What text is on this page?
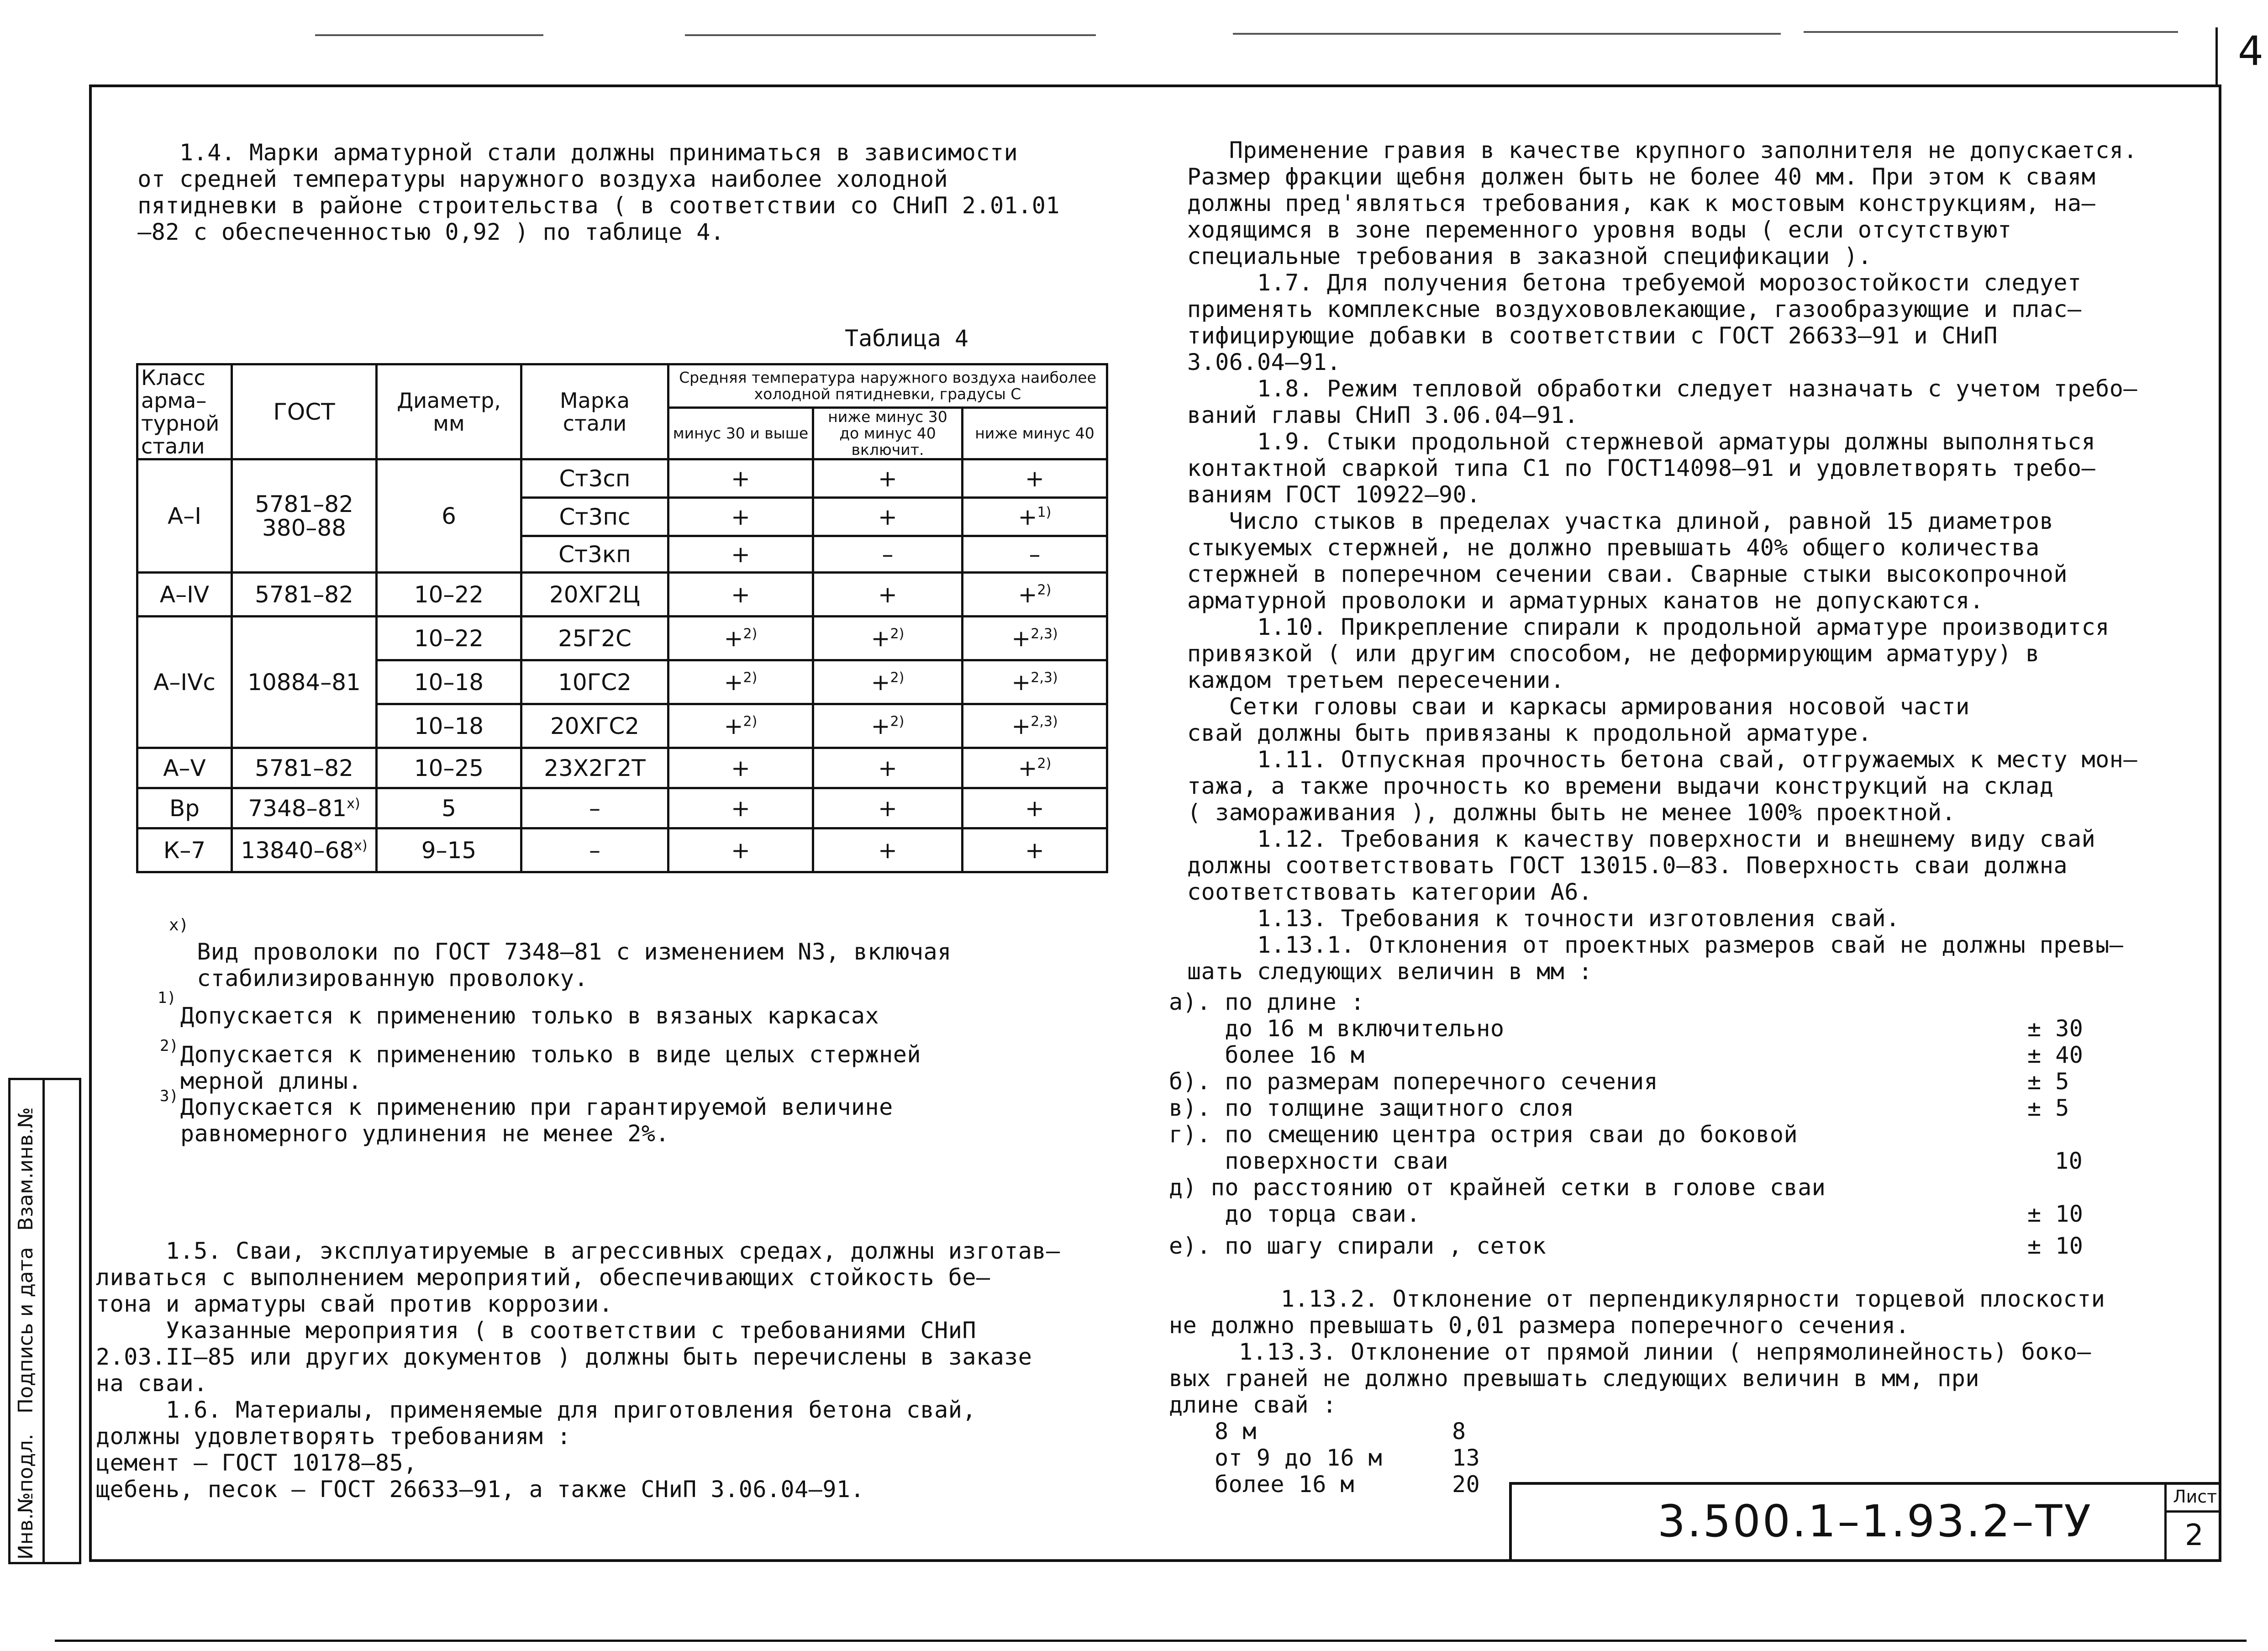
4
Инв.№подл.
Подпись и дата
Взам.инв.№
1.4. Марки арматурной стали должны приниматься в зависимости
от средней температуры наружного воздуха наиболее холодной
пятидневки в районе строительства ( в соответствии со СНиП 2.01.01
–82 с обеспеченностью 0,92 ) по таблице 4.
Таблица 4
Класс арма– турной стали	ГОСТ	Диаметр, мм	Марка стали	Средняя температура наружного воздуха наиболее холодной пятидневки, градусы С		
				минус 30 и выше	ниже минус 30 до минус 40 включит.	ниже минус 40
А–I	5781–82 380–88	6	Ст3сп	+	+	+
			Ст3пс	+	+	+$^{1)}$
			Ст3кп	+	–	–
А–IV	5781–82	10–22	20ХГ2Ц	+	+	+$^{2)}$
А–IVс	10884–81	10–22	25Г2С	+$^{2)}$	+$^{2)}$	+$^{2,3)}$
		10–18	10ГС2	+$^{2)}$	+$^{2)}$	+$^{2,3)}$
		10–18	20ХГС2	+$^{2)}$	+$^{2)}$	+$^{2,3)}$
А–V	5781–82	10–25	23Х2Г2Т	+	+	+$^{2)}$
Вр	7348–81$^{x)}$	5	–	+	+	+
К–7	13840–68$^{x)}$	9–15	–	+	+	+
x)
Вид проволоки по ГОСТ 7348–81 с изменением N3, включая
стабилизированную проволоку.
1)
Допускается к применению только в вязаных каркасах
2) Допускается к применению только в виде целых стержней
мерной длины.
3) Допускается к применению при гарантируемой величине
равномерного удлинения не менее 2%.
1.5. Сваи, эксплуатируемые в агрессивных средах, должны изготав–
ливаться с выполнением мероприятий, обеспечивающих стойкость бе–
тона и арматуры свай против коррозии.
Указанные мероприятия ( в соответствии с требованиями СНиП
2.03.II–85 или других документов ) должны быть перечислены в заказе
на сваи.
1.6. Материалы, применяемые для приготовления бетона свай,
должны удовлетворять требованиям :
цемент – ГОСТ 10178–85,
щебень, песок – ГОСТ 26633–91, а также СНиП 3.06.04–91.
Применение гравия в качестве крупного заполнителя не допускается.
Размер фракции щебня должен быть не более 40 мм. При этом к сваям
должны пред'являться требования, как к мостовым конструкциям, на–
ходящимся в зоне переменного уровня воды ( если отсутствуют
специальные требования в заказной спецификации ).
1.7. Для получения бетона требуемой морозостойкости следует
применять комплексные воздухововлекающие, газообразующие и плас–
тифицирующие добавки в соответствии с ГОСТ 26633–91 и СНиП
3.06.04–91.
1.8. Режим тепловой обработки следует назначать с учетом требо–
ваний главы СНиП 3.06.04–91.
1.9. Стыки продольной стержневой арматуры должны выполняться
контактной сваркой типа С1 по ГОСТ14098–91 и удовлетворять требо–
ваниям ГОСТ 10922–90.
Число стыков в пределах участка длиной, равной 15 диаметров
стыкуемых стержней, не должно превышать 40% общего количества
стержней в поперечном сечении сваи. Сварные стыки высокопрочной
арматурной проволоки и арматурных канатов не допускаются.
1.10. Прикрепление спирали к продольной арматуре производится
привязкой ( или другим способом, не деформирующим арматуру) в
каждом третьем пересечении.
Сетки головы сваи и каркасы армирования носовой части
свай должны быть привязаны к продольной арматуре.
1.11. Отпускная прочность бетона свай, отгружаемых к месту мон–
тажа, а также прочность ко времени выдачи конструкций на склад
( замораживания ), должны быть не менее 100% проектной.
1.12. Требования к качеству поверхности и внешнему виду свай
должны соответствовать ГОСТ 13015.0–83. Поверхность сваи должна
соответствовать категории А6.
1.13. Требования к точности изготовления свай.
1.13.1. Отклонения от проектных размеров свай не должны превы–
шать следующих величин в мм :
а). по длине :
до 16 м включительно	± 30
более 16 м	± 40
б). по размерам поперечного сечения	± 5
в). по толщине защитного слоя	± 5
г). по смещению центра острия сваи до боковой
поверхности сваи	10
д) по расстоянию от крайней сетки в голове сваи
до торца сваи.	± 10
е). по шагу спирали , сеток	± 10
1.13.2. Отклонение от перпендикулярности торцевой плоскости
не должно превышать 0,01 размера поперечного сечения.
1.13.3. Отклонение от прямой линии ( непрямолинейность) боко–
вых граней не должно превышать следующих величин в мм, при
длине свай :
8 м	8
от 9 до 16 м	13
более 16 м	20
3.500.1–1.93.2–ТУ	Лист
2
